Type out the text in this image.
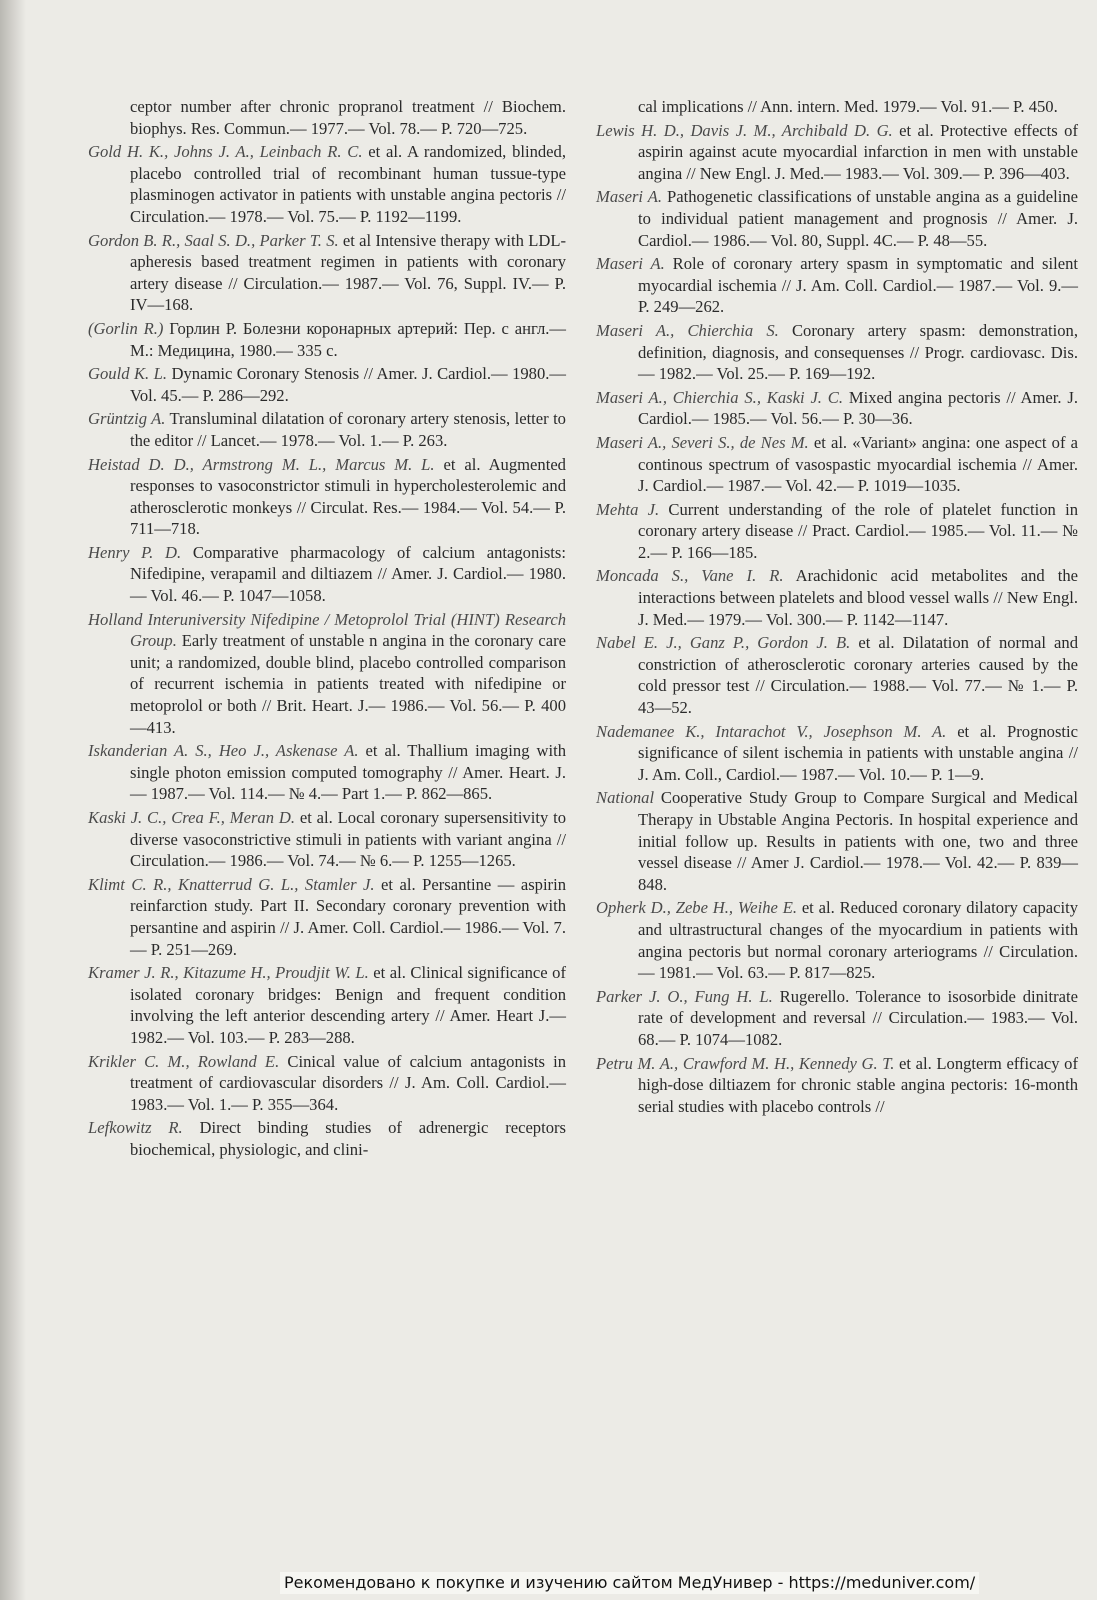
ceptor number after chronic propranol treatment // Biochem. biophys. Res. Commun.— 1977.— Vol. 78.— P. 720—725.

Gold H. K., Johns J. A., Leinbach R. C. et al. A randomized, blinded, placebo controlled trial of recombinant human tussue-type plasminogen activator in patients with unstable angina pectoris // Circulation.— 1978.— Vol. 75.— P. 1192—1199.

Gordon B. R., Saal S. D., Parker T. S. et al Intensive therapy with LDL-apheresis based treatment regimen in patients with coronary artery disease // Circulation.— 1987.— Vol. 76, Suppl. IV.— P. IV—168.

(Gorlin R.) Горлин Р. Болезни коронарных артерий: Пер. с англ.— М.: Медицина, 1980.— 335 с.

Gould K. L. Dynamic Coronary Stenosis // Amer. J. Cardiol.— 1980.— Vol. 45.— P. 286—292.

Grüntzig A. Transluminal dilatation of coronary artery stenosis, letter to the editor // Lancet.— 1978.— Vol. 1.— P. 263.

Heistad D. D., Armstrong M. L., Marcus M. L. et al. Augmented responses to vasoconstrictor stimuli in hypercholesterolemic and atherosclerotic monkeys // Circulat. Res.— 1984.— Vol. 54.— P. 711—718.

Henry P. D. Comparative pharmacology of calcium antagonists: Nifedipine, verapamil and diltiazem // Amer. J. Cardiol.— 1980.— Vol. 46.— P. 1047—1058.

Holland Interuniversity Nifedipine / Metoprolol Trial (HINT) Research Group. Early treatment of unstable n angina in the coronary care unit; a randomized, double blind, placebo controlled comparison of recurrent ischemia in patients treated with nifedipine or metoprolol or both // Brit. Heart. J.— 1986.— Vol. 56.— P. 400—413.

Iskanderian A. S., Heo J., Askenase A. et al. Thallium imaging with single photon emission computed tomography // Amer. Heart. J.— 1987.— Vol. 114.— № 4.— Part 1.— P. 862—865.

Kaski J. C., Crea F., Meran D. et al. Local coronary supersensitivity to diverse vasoconstrictive stimuli in patients with variant angina // Circulation.— 1986.— Vol. 74.— № 6.— P. 1255—1265.

Klimt C. R., Knatterrud G. L., Stamler J. et al. Persantine — aspirin reinfarction study. Part II. Secondary coronary prevention with persantine and aspirin // J. Amer. Coll. Cardiol.— 1986.— Vol. 7.— P. 251—269.

Kramer J. R., Kitazume H., Proudjit W. L. et al. Clinical significance of isolated coronary bridges: Benign and frequent condition involving the left anterior descending artery // Amer. Heart J.— 1982.— Vol. 103.— P. 283—288.

Krikler C. M., Rowland E. Cinical value of calcium antagonists in treatment of cardiovascular disorders // J. Am. Coll. Cardiol.— 1983.— Vol. 1.— P. 355—364.

Lefkowitz R. Direct binding studies of adrenergic receptors biochemical, physiologic, and clini-

cal implications // Ann. intern. Med. 1979.— Vol. 91.— P. 450.

Lewis H. D., Davis J. M., Archibald D. G. et al. Protective effects of aspirin against acute myocardial infarction in men with unstable angina // New Engl. J. Med.— 1983.— Vol. 309.— P. 396—403.

Maseri A. Pathogenetic classifications of unstable angina as a guideline to individual patient management and prognosis // Amer. J. Cardiol.— 1986.— Vol. 80, Suppl. 4C.— P. 48—55.

Maseri A. Role of coronary artery spasm in symptomatic and silent myocardial ischemia // J. Am. Coll. Cardiol.— 1987.— Vol. 9.— P. 249—262.

Maseri A., Chierchia S. Coronary artery spasm: demonstration, definition, diagnosis, and consequenses // Progr. cardiovasc. Dis.— 1982.— Vol. 25.— P. 169—192.

Maseri A., Chierchia S., Kaski J. C. Mixed angina pectoris // Amer. J. Cardiol.— 1985.— Vol. 56.— P. 30—36.

Maseri A., Severi S., de Nes M. et al. «Variant» angina: one aspect of a continous spectrum of vasospastic myocardial ischemia // Amer. J. Cardiol.— 1987.— Vol. 42.— P. 1019—1035.

Mehta J. Current understanding of the role of platelet function in coronary artery disease // Pract. Cardiol.— 1985.— Vol. 11.— № 2.— P. 166—185.

Moncada S., Vane I. R. Arachidonic acid metabolites and the interactions between platelets and blood vessel walls // New Engl. J. Med.— 1979.— Vol. 300.— P. 1142—1147.

Nabel E. J., Ganz P., Gordon J. B. et al. Dilatation of normal and constriction of atherosclerotic coronary arteries caused by the cold pressor test // Circulation.— 1988.— Vol. 77.— № 1.— P. 43—52.

Nademanee K., Intarachot V., Josephson M. A. et al. Prognostic significance of silent ischemia in patients with unstable angina // J. Am. Coll., Cardiol.— 1987.— Vol. 10.— P. 1—9.

National Cooperative Study Group to Compare Surgical and Medical Therapy in Ubstable Angina Pectoris. In hospital experience and initial follow up. Results in patients with one, two and three vessel disease // Amer J. Cardiol.— 1978.— Vol. 42.— P. 839—848.

Opherk D., Zebe H., Weihe E. et al. Reduced coronary dilatory capacity and ultrastructural changes of the myocardium in patients with angina pectoris but normal coronary arteriograms // Circulation.— 1981.— Vol. 63.— P. 817—825.

Parker J. O., Fung H. L. Rugerello. Tolerance to isosorbide dinitrate rate of development and reversal // Circulation.— 1983.— Vol. 68.— P. 1074—1082.

Petru M. A., Crawford M. H., Kennedy G. T. et al. Longterm efficacy of high-dose diltiazem for chronic stable angina pectoris: 16-month serial studies with placebo controls //

Рекомендовано к покупке и изучению сайтом МедУнивер - https://meduniver.com/
